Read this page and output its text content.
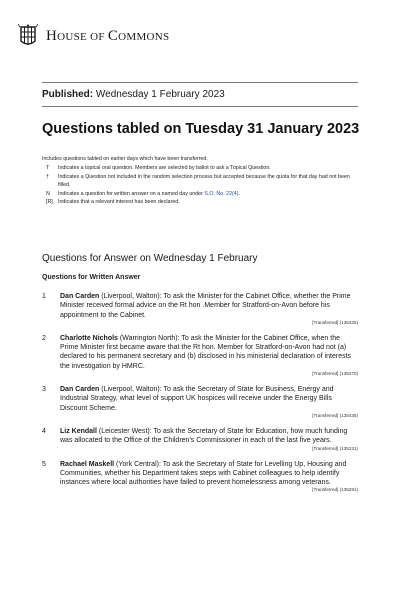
HOUSE OF COMMONS
Published: Wednesday 1 February 2023
Questions tabled on Tuesday 31 January 2023
Includes questions tabled on earlier days which have been transferred.
T	Indicates a topical oral question. Members are selected by ballot to ask a Topical Question.
†	Indicates a Question not included in the random selection process but accepted because the quota for that day had not been filled.
N	Indicates a question for written answer on a named day under S.O. No. 22(4).
[R] Indicates that a relevant interest has been declared.
Questions for Answer on Wednesday 1 February
Questions for Written Answer
1	Dan Carden (Liverpool, Walton): To ask the Minister for the Cabinet Office, whether the Prime Minister received formal advice on the Rt hon .Member for Stratford-on-Avon before his appointment to the Cabinet.
[Transferred] (135425)
2	Charlotte Nichols (Warrington North): To ask the Minister for the Cabinet Office, when the Prime Minister first became aware that the Rt hon. Member for Stratford-on-Avon had not (a) declared to his permanent secretary and (b) disclosed in his ministerial declaration of interests the investigation by HMRC.
[Transferred] (135470)
3	Dan Carden (Liverpool, Walton): To ask the Secretary of State for Business, Energy and Industrial Strategy, what level of support UK hospices will receive under the Energy Bills Discount Scheme.
[Transferred] (135435)
4	Liz Kendall (Leicester West): To ask the Secretary of State for Education, how much funding was allocated to the Office of the Children's Commissioner in each of the last five years.
[Transferred] (135231)
5	Rachael Maskell (York Central): To ask the Secretary of State for Levelling Up, Housing and Communities, whether his Department takes steps with Cabinet colleagues to help identify instances where local authorities have failed to prevent homelessness among veterans.
[Transferred] (135291)
